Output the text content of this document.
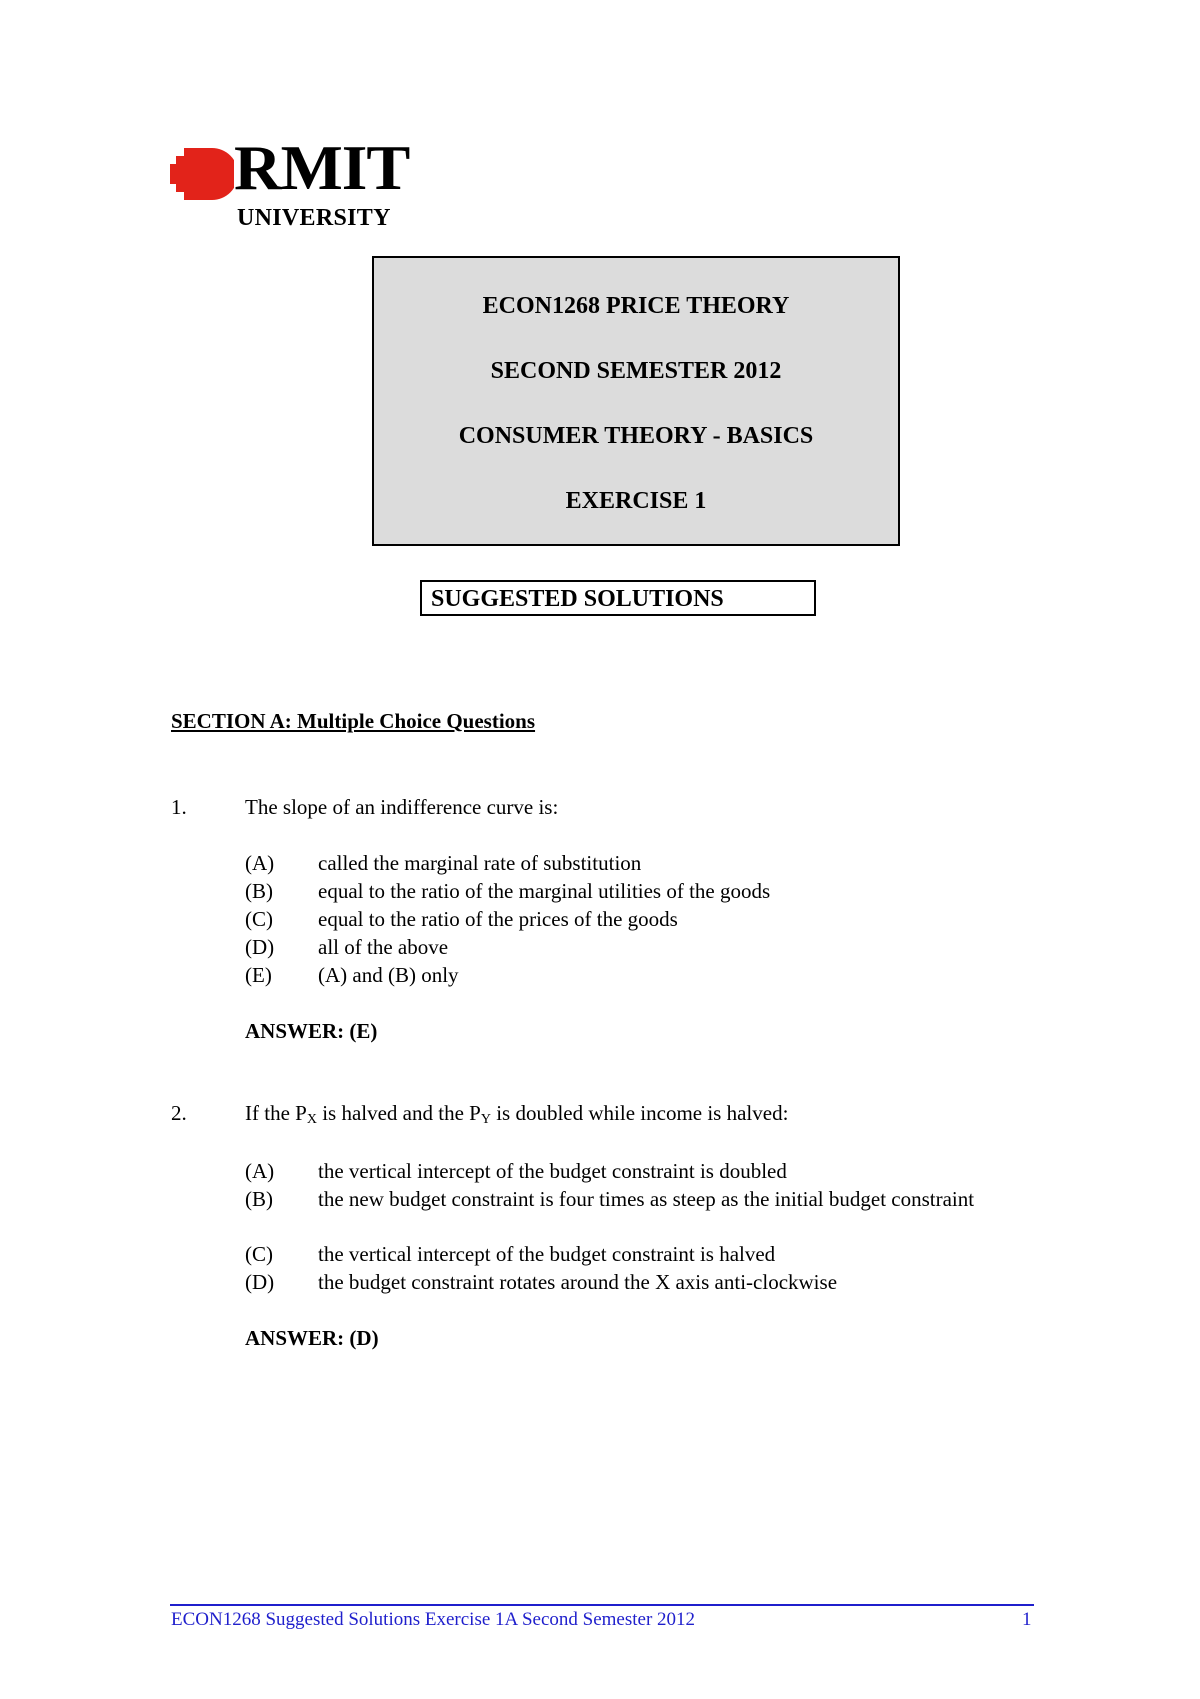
RMIT
UNIVERSITY
ECON1268 PRICE THEORY
SECOND SEMESTER 2012
CONSUMER THEORY - BASICS
EXERCISE 1
SUGGESTED SOLUTIONS
SECTION A: Multiple Choice Questions
1.	The slope of an indifference curve is:
(A) called the marginal rate of substitution
(B) equal to the ratio of the marginal utilities of the goods
(C) equal to the ratio of the prices of the goods
(D) all of the above
(E) (A) and (B) only
ANSWER: (E)
2.	If the $P_X$ is halved and the $P_Y$ is doubled while income is halved:
(A) the vertical intercept of the budget constraint is doubled
(B) the new budget constraint is four times as steep as the initial budget constraint
(C) the vertical intercept of the budget constraint is halved
(D) the budget constraint rotates around the X axis anti-clockwise
ANSWER: (D)
ECON1268 Suggested Solutions Exercise 1A Second Semester 2012	1
